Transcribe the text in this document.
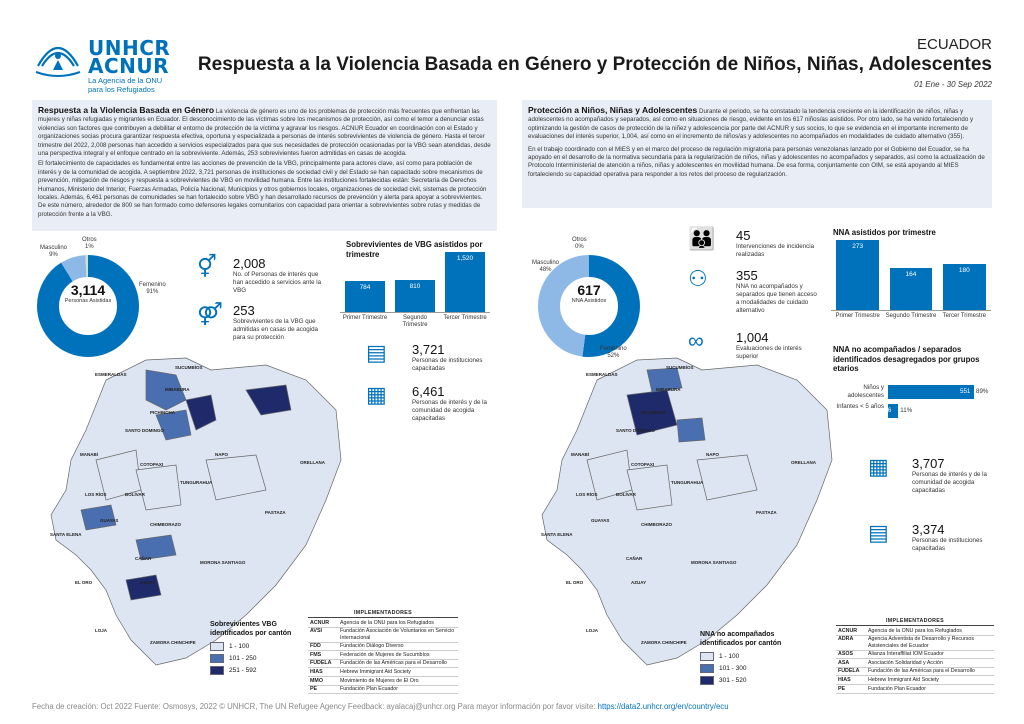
UNHCR
ACNUR
La Agencia de la ONU para los Refugiados
ECUADOR
Respuesta a la Violencia Basada en Género y Protección de Niños, Niñas, Adolescentes
01 Ene - 30 Sep 2022

Respuesta a la Violencia Basada en Género La violencia de género es uno de los problemas de protección más frecuentes que enfrentan las mujeres y niñas refugiadas y migrantes en Ecuador. El desconocimiento de las víctimas sobre los mecanismos de protección, así como el temor a denunciar estas violencias son factores que contribuyen a debilitar el entorno de protección de la víctima y agravar los riesgos. ACNUR Ecuador en coordinación con el Estado y organizaciones socias procura garantizar respuesta efectiva, oportuna y especializada a personas de interés sobrevivientes de violencia de género. Hasta el tercer trimestre del 2022, 2,008 personas han accedido a servicios especializados para que sus necesidades de protección ocasionadas por la VBG sean atendidas, desde una perspectiva integral y el enfoque centrado en la sobreviviente. Además, 253 sobrevivientes fueron admitidas en casas de acogida.

El fortalecimiento de capacidades es fundamental entre las acciones de prevención de la VBG, principalmente para actores clave, así como para población de interés y de la comunidad de acogida. A septiembre 2022, 3,721 personas de instituciones de sociedad civil y del Estado se han capacitado sobre mecanismos de prevención, mitigación de riesgos y respuesta a sobrevivientes de VBG en movilidad humana. Entre las instituciones fortalecidas están: Secretaría de Derechos Humanos, Ministerio del Interior, Fuerzas Armadas, Policía Nacional, Municipios y otros gobiernos locales, organizaciones de sociedad civil, sistemas de protección locales. Además, 6,461 personas de comunidades se han fortalecido sobre VBG y han desarrollado recursos de prevención y alerta para apoyar a sobrevivientes. De este número, alrededor de 800 se han formado como defensores legales comunitarios con capacidad para orientar a sobrevivientes sobre rutas y medidas de protección frente a la VBG.

Protección a Niños, Niñas y Adolescentes Durante el periodo, se ha constatado la tendencia creciente en la identificación de niños, niñas y adolescentes no acompañados y separados, así como en situaciones de riesgo, evidente en los 617 niños/as asistidos. Por otro lado, se ha venido fortaleciendo y optimizando la gestión de casos de protección de la niñez y adolescencia por parte del ACNUR y sus socios, lo que se evidencia en el importante incremento de evaluaciones del interés superior, 1,004, así como en el incremento de niños/as y adolescentes no acompañados en modalidades de cuidado alternativo (355).

En el trabajo coordinado con el MIES y en el marco del proceso de regulación migratoria para personas venezolanas lanzado por el Gobierno del Ecuador, se ha apoyado en el desarrollo de la normativa secundaria para la regularización de niños, niñas y adolescentes no acompañados y separados, así como la actualización de Protocolo Interministerial de atención a niños, niñas y adolescentes en movilidad humana. De esa forma, conjuntamente con OIM, se está apoyando al MIES fortaleciendo su capacidad operativa para responder a los retos del proceso de regularización.

3,114
Personas Asistidas
Otros
1%
Masculino
9%
Femenino
91%
⚥ 2,008
No. of Personas de interés que han accedido a servicios ante la VBG
⚤ 253
Sobrevivientes de la VBG que admitidas en casas de acogida para su protección
▤ 3,721
Personas de instituciones capacitadas
▦ 6,461
Personas de interés y de la comunidad de acogida capacitadas
Sobrevivientes de VBG asistidos por trimestre
784
Primer Trimestre
810
Segundo Trimestre
1,520
Tercer Trimestre
617
NNA Asistidos
Otros
0%
Masculino
48%
Femenino
52%
👪 45
Intervenciones de incidencia realizadas
⚇ 355
NNA no acompañados y separados que tienen acceso a modalidades de cuidado alternativo
∞ 1,004
Evaluaciones de interés superior
NNA asistidos por trimestre
273
Primer Trimestre
164
Segundo Trimestre
180
Tercer Trimestre
NNA no acompañados / separados identificados desagregados por grupos etarios
Niños y adolescentes	551 89%
Infantes < 5 años
66 11%
▦ 3,707
Personas de interés y de la comunidad de acogida capacitadas
▤ 3,374
Personas de instituciones capacitadas
ESMERALDAS
SUCUMBÍOS
IMBABURA
PICHINCHA
SANTO DOMINGO
MANABÍ	NAPO
ORELLANA
COTOPAXI
LOS RÍOS
TUNGURAHUA
BOLÍVAR
PASTAZA
CHIMBORAZO
GUAYAS
SANTA ELENA
CAÑAR
MORONA SANTIAGO
AZUAY
EL ORO
LOJA
ZAMORA CHINCHIPE
ESMERALDAS
SUCUMBÍOS
IMBABURA
PICHINCHA
SANTO DOMINGO
MANABÍ	NAPO
ORELLANA
COTOPAXI
LOS RÍOS
TUNGURAHUA
BOLÍVAR
PASTAZA
CHIMBORAZO
GUAYAS
SANTA ELENA
CAÑAR
MORONA SANTIAGO
AZUAY
EL ORO
LOJA
ZAMORA CHINCHIPE
Sobrevivientes VBG identificados por cantón
1 - 100
101 - 250
251 - 592
NNA no acompañados identificados por cantón
1 - 100
101 - 300
301 - 520
IMPLEMENTADORES
ACNUR	Agencia de la ONU para los Refugiados
AVSI	Fundación Asociación de Voluntarios en Servicio Internacional
FDD	Fundación Diálogo Diverso
FMS	Federación de Mujeres de Sucumbíos
FUDELA	Fundación de las Américas para el Desarrollo
HIAS	Hebrew Immigrant Aid Society
MMO	Movimiento de Mujeres de El Oro
PE	Fundación Plan Ecuador
IMPLEMENTADORES
ACNUR	Agencia de la ONU para los Refugiados
ADRA	Agencia Adventista de Desarrollo y Recursos Asistenciales del Ecuador
ASOS	Alianza Interaffiliat IOM Ecuador
ASA	Asociación Solidaridad y Acción
FUDELA	Fundación de las Américas para el Desarrollo
HIAS	Hebrew Immigrant Aid Society
PE	Fundación Plan Ecuador
Fecha de creación: Oct 2022 Fuente: Osmosys, 2022 © UNHCR, The UN Refugee Agency Feedback: ayalacaj@unhcr.org Para mayor información por favor visite: https://data2.unhcr.org/en/country/ecu
